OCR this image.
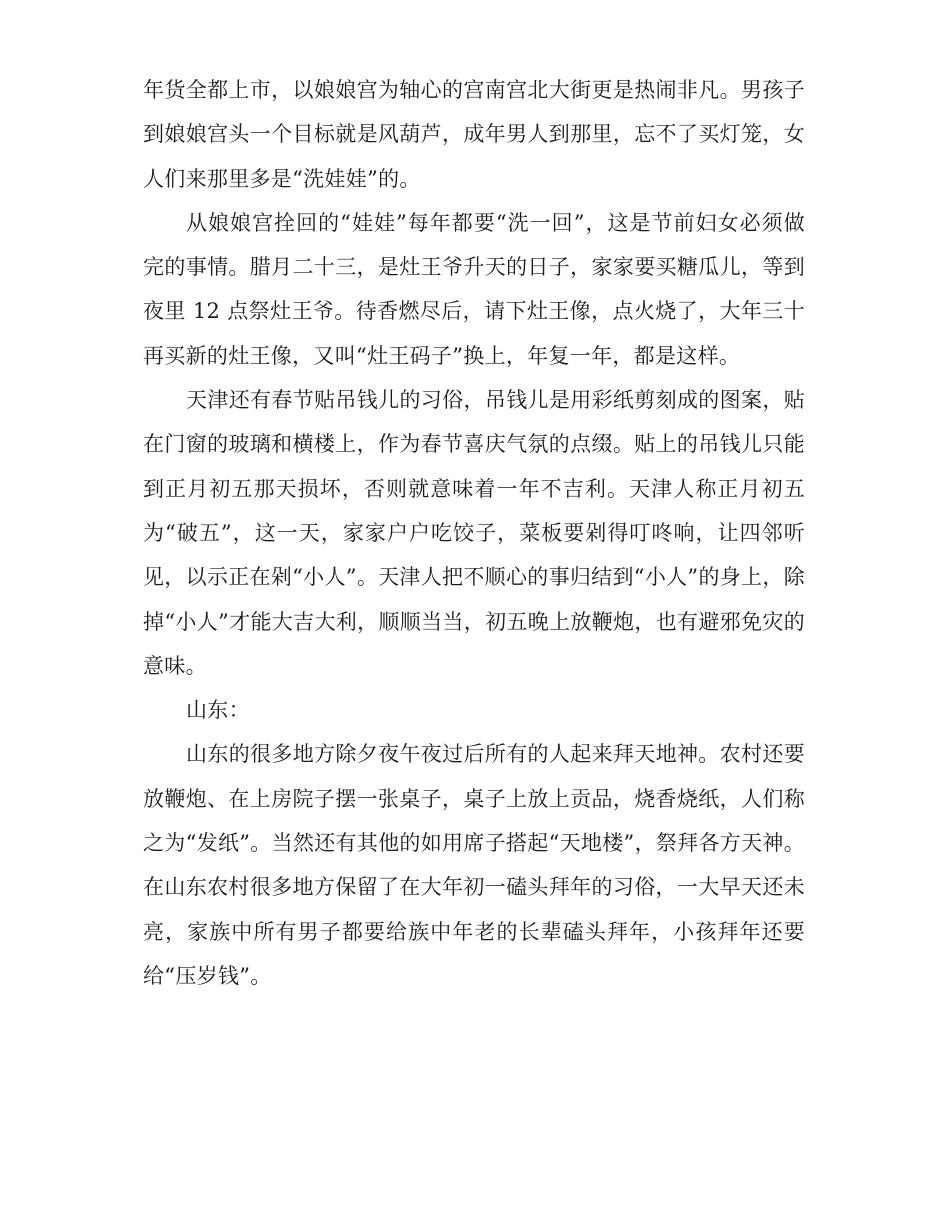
年货全都上市，以娘娘宫为轴心的宫南宫北大街更是热闹非凡。男孩子到娘娘宫头一个目标就是风葫芦，成年男人到那里，忘不了买灯笼，女人们来那里多是“洗娃娃”的。

从娘娘宫拴回的“娃娃”每年都要“洗一回”，这是节前妇女必须做完的事情。腊月二十三，是灶王爷升天的日子，家家要买糖瓜儿，等到夜里 12 点祭灶王爷。待香燃尽后，请下灶王像，点火烧了，大年三十再买新的灶王像，又叫“灶王码子”换上，年复一年，都是这样。

天津还有春节贴吊钱儿的习俗，吊钱儿是用彩纸剪刻成的图案，贴在门窗的玻璃和横楼上，作为春节喜庆气氛的点缀。贴上的吊钱儿只能到正月初五那天损坏，否则就意味着一年不吉利。天津人称正月初五为“破五”，这一天，家家户户吃饺子，菜板要剁得叮咚响，让四邻听见，以示正在剁“小人”。天津人把不顺心的事归结到“小人”的身上，除掉“小人”才能大吉大利，顺顺当当，初五晚上放鞭炮，也有避邪免灾的意味。

山东：

山东的很多地方除夕夜午夜过后所有的人起来拜天地神。农村还要放鞭炮、在上房院子摆一张桌子，桌子上放上贡品，烧香烧纸，人们称之为“发纸”。当然还有其他的如用席子搭起“天地楼”，祭拜各方天神。在山东农村很多地方保留了在大年初一磕头拜年的习俗，一大早天还未亮，家族中所有男子都要给族中年老的长辈磕头拜年，小孩拜年还要给“压岁钱”。
